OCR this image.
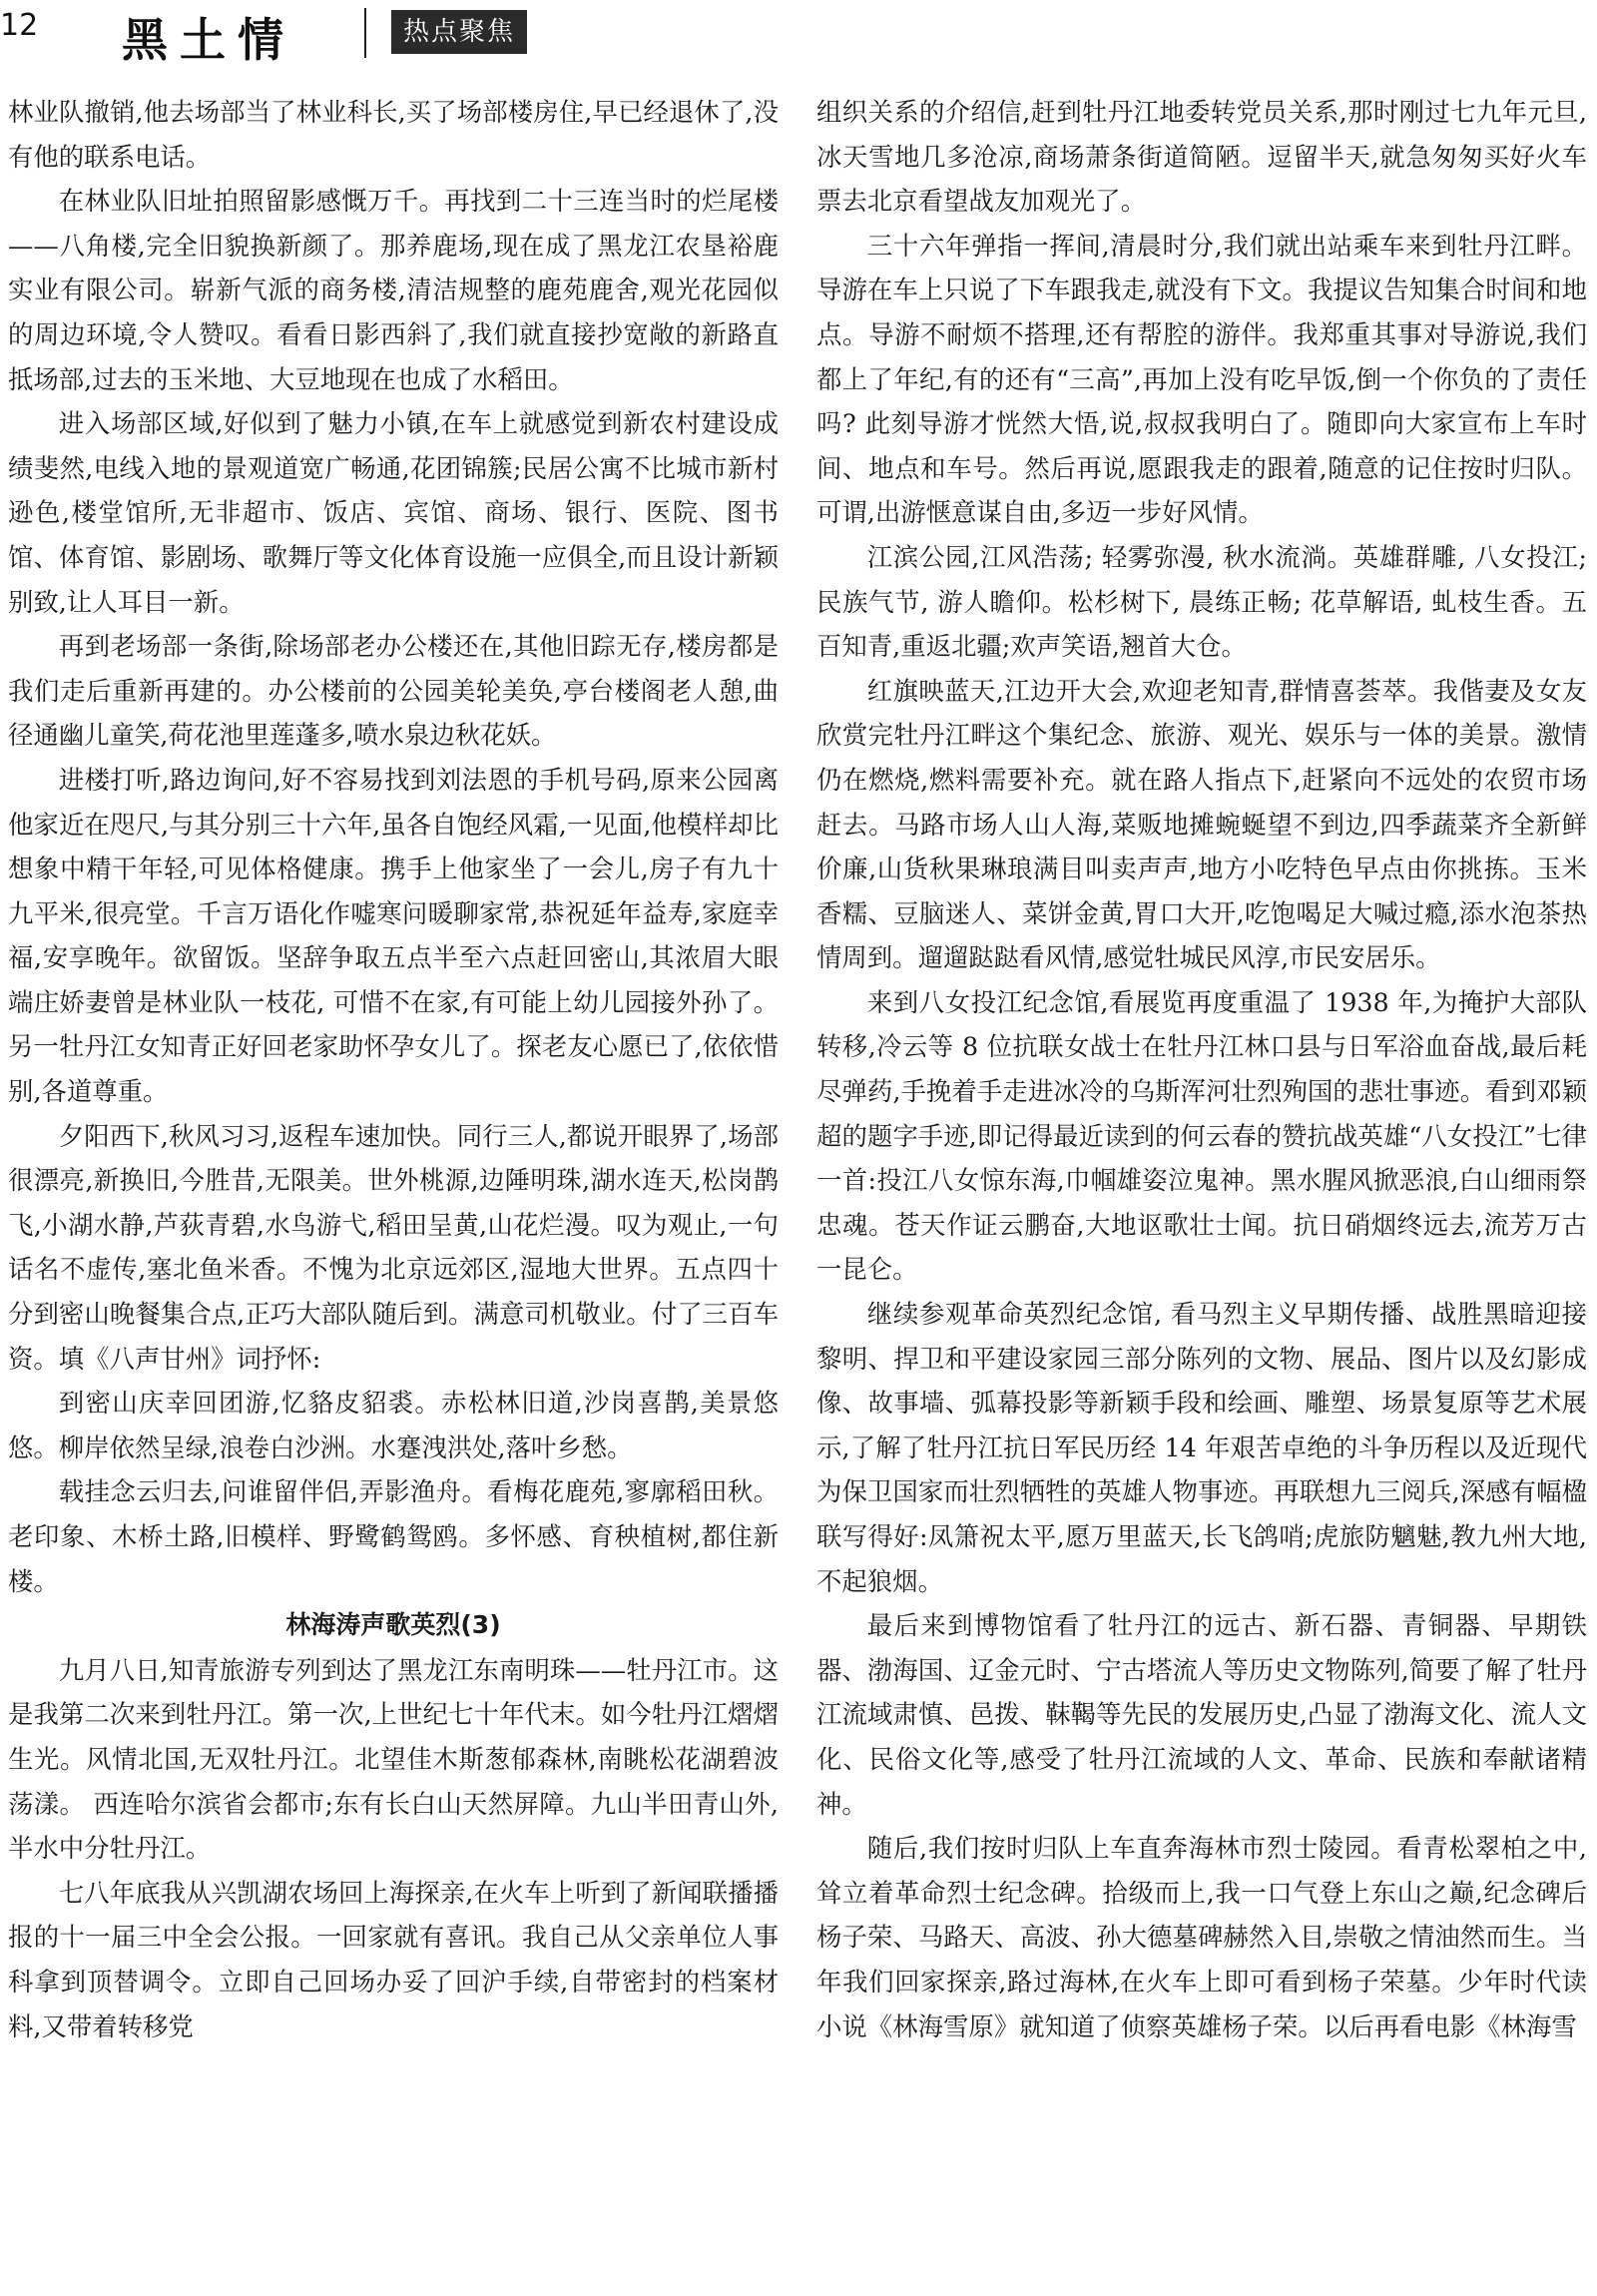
12 黑土情	热点聚焦

林业队撤销,他去场部当了林业科长,买了场部楼房住,早已经退休了,没有他的联系电话。

在林业队旧址拍照留影感慨万千。再找到二十三连当时的烂尾楼——八角楼,完全旧貌换新颜了。那养鹿场,现在成了黑龙江农垦裕鹿实业有限公司。崭新气派的商务楼,清洁规整的鹿苑鹿舍,观光花园似的周边环境,令人赞叹。看看日影西斜了,我们就直接抄宽敞的新路直抵场部,过去的玉米地、大豆地现在也成了水稻田。

进入场部区域,好似到了魅力小镇,在车上就感觉到新农村建设成绩斐然,电线入地的景观道宽广畅通,花团锦簇;民居公寓不比城市新村逊色,楼堂馆所,无非超市、饭店、宾馆、商场、银行、医院、图书馆、体育馆、影剧场、歌舞厅等文化体育设施一应俱全,而且设计新颖别致,让人耳目一新。

再到老场部一条街,除场部老办公楼还在,其他旧踪无存,楼房都是我们走后重新再建的。办公楼前的公园美轮美奂,亭台楼阁老人憩,曲径通幽儿童笑,荷花池里莲蓬多,喷水泉边秋花妖。

进楼打听,路边询问,好不容易找到刘法恩的手机号码,原来公园离他家近在咫尺,与其分别三十六年,虽各自饱经风霜,一见面,他模样却比想象中精干年轻,可见体格健康。携手上他家坐了一会儿,房子有九十九平米,很亮堂。千言万语化作嘘寒问暖聊家常,恭祝延年益寿,家庭幸福,安享晚年。欲留饭。坚辞争取五点半至六点赶回密山,其浓眉大眼端庄娇妻曾是林业队一枝花, 可惜不在家,有可能上幼儿园接外孙了。另一牡丹江女知青正好回老家助怀孕女儿了。探老友心愿已了,依依惜别,各道尊重。

夕阳西下,秋风习习,返程车速加快。同行三人,都说开眼界了,场部很漂亮,新换旧,今胜昔,无限美。世外桃源,边陲明珠,湖水连天,松岗鹊飞,小湖水静,芦荻青碧,水鸟游弋,稻田呈黄,山花烂漫。叹为观止,一句话名不虚传,塞北鱼米香。不愧为北京远郊区,湿地大世界。五点四十分到密山晚餐集合点,正巧大部队随后到。满意司机敬业。付了三百车资。填《八声甘州》词抒怀:

到密山庆幸回团游,忆貉皮貂裘。赤松林旧道,沙岗喜鹊,美景悠悠。柳岸依然呈绿,浪卷白沙洲。水蹇洩洪处,落叶乡愁。

载挂念云归去,问谁留伴侣,弄影渔舟。看梅花鹿苑,寥廓稻田秋。老印象、木桥土路,旧模样、野鹭鹤鸳鸥。多怀感、育秧植树,都住新楼。

林海涛声歌英烈(3)

九月八日,知青旅游专列到达了黑龙江东南明珠——牡丹江市。这是我第二次来到牡丹江。第一次,上世纪七十年代末。如今牡丹江熠熠生光。风情北国,无双牡丹江。北望佳木斯葱郁森林,南眺松花湖碧波荡漾。 西连哈尔滨省会都市;东有长白山天然屏障。九山半田青山外,半水中分牡丹江。

七八年底我从兴凯湖农场回上海探亲,在火车上听到了新闻联播播报的十一届三中全会公报。一回家就有喜讯。我自己从父亲单位人事科拿到顶替调令。立即自己回场办妥了回沪手续,自带密封的档案材料,又带着转移党

组织关系的介绍信,赶到牡丹江地委转党员关系,那时刚过七九年元旦,冰天雪地几多沧凉,商场萧条街道简陋。逗留半天,就急匆匆买好火车票去北京看望战友加观光了。

三十六年弹指一挥间,清晨时分,我们就出站乘车来到牡丹江畔。导游在车上只说了下车跟我走,就没有下文。我提议告知集合时间和地点。导游不耐烦不搭理,还有帮腔的游伴。我郑重其事对导游说,我们都上了年纪,有的还有“三高”,再加上没有吃早饭,倒一个你负的了责任吗? 此刻导游才恍然大悟,说,叔叔我明白了。随即向大家宣布上车时间、地点和车号。然后再说,愿跟我走的跟着,随意的记住按时归队。可谓,出游惬意谋自由,多迈一步好风情。

江滨公园,江风浩荡; 轻雾弥漫, 秋水流淌。英雄群雕, 八女投江; 民族气节, 游人瞻仰。松杉树下, 晨练正畅; 花草解语, 虬枝生香。五百知青,重返北疆;欢声笑语,翘首大仓。

红旗映蓝天,江边开大会,欢迎老知青,群情喜荟萃。我偕妻及女友欣赏完牡丹江畔这个集纪念、旅游、观光、娱乐与一体的美景。激情仍在燃烧,燃料需要补充。就在路人指点下,赶紧向不远处的农贸市场赶去。马路市场人山人海,菜贩地摊蜿蜒望不到边,四季蔬菜齐全新鲜价廉,山货秋果琳琅满目叫卖声声,地方小吃特色早点由你挑拣。玉米香糯、豆脑迷人、菜饼金黄,胃口大开,吃饱喝足大喊过瘾,添水泡茶热情周到。遛遛跶跶看风情,感觉牡城民风淳,市民安居乐。

来到八女投江纪念馆,看展览再度重温了 1938 年,为掩护大部队转移,冷云等 8 位抗联女战士在牡丹江林口县与日军浴血奋战,最后耗尽弹药,手挽着手走进冰冷的乌斯浑河壮烈殉国的悲壮事迹。看到邓颖超的题字手迹,即记得最近读到的何云春的赞抗战英雄“八女投江”七律一首:投江八女惊东海,巾帼雄姿泣鬼神。黑水腥风掀恶浪,白山细雨祭忠魂。苍天作证云鹏奋,大地讴歌壮士闻。抗日硝烟终远去,流芳万古一昆仑。

继续参观革命英烈纪念馆, 看马烈主义早期传播、战胜黑暗迎接黎明、捍卫和平建设家园三部分陈列的文物、展品、图片以及幻影成像、故事墙、弧幕投影等新颖手段和绘画、雕塑、场景复原等艺术展示,了解了牡丹江抗日军民历经 14 年艰苦卓绝的斗争历程以及近现代为保卫国家而壮烈牺牲的英雄人物事迹。再联想九三阅兵,深感有幅楹联写得好:凤箫祝太平,愿万里蓝天,长飞鸽哨;虎旅防魑魅,教九州大地,不起狼烟。

最后来到博物馆看了牡丹江的远古、新石器、青铜器、早期铁器、渤海国、辽金元时、宁古塔流人等历史文物陈列,简要了解了牡丹江流域肃慎、邑拨、靺鞨等先民的发展历史,凸显了渤海文化、流人文化、民俗文化等,感受了牡丹江流域的人文、革命、民族和奉献诸精神。

随后,我们按时归队上车直奔海林市烈士陵园。看青松翠柏之中,耸立着革命烈士纪念碑。拾级而上,我一口气登上东山之巅,纪念碑后杨子荣、马路天、高波、孙大德墓碑赫然入目,崇敬之情油然而生。当年我们回家探亲,路过海林,在火车上即可看到杨子荣墓。少年时代读小说《林海雪原》就知道了侦察英雄杨子荣。以后再看电影《林海雪
